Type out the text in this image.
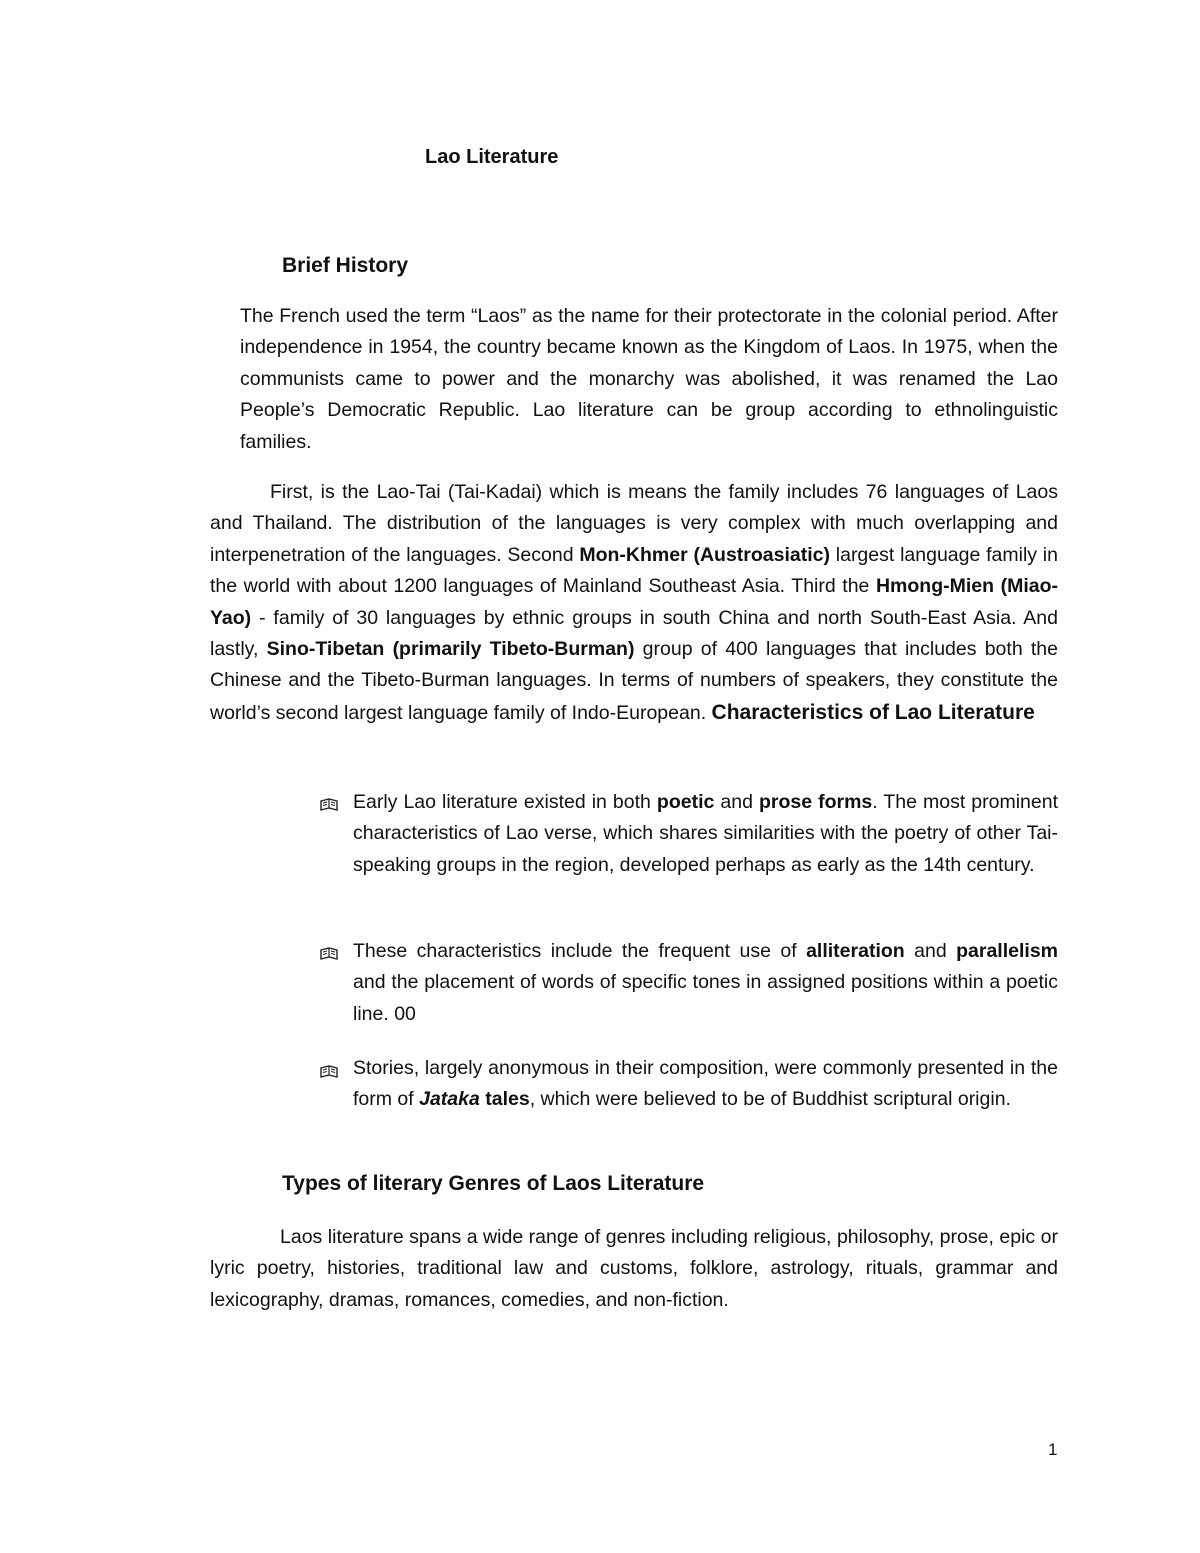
Lao Literature
Brief History

The French used the term “Laos” as the name for their protectorate in the colonial period. After independence in 1954, the country became known as the Kingdom of Laos. In 1975, when the communists came to power and the monarchy was abolished, it was renamed the Lao People’s Democratic Republic. Lao literature can be group according to ethnolinguistic families.

First, is the Lao-Tai (Tai-Kadai) which is means the family includes 76 languages of Laos and Thailand. The distribution of the languages is very complex with much overlapping and interpenetration of the languages. Second Mon-Khmer (Austroasiatic) largest language family in the world with about 1200 languages of Mainland Southeast Asia. Third the Hmong-Mien (Miao- Yao) - family of 30 languages by ethnic groups in south China and north South-East Asia. And lastly, Sino-Tibetan (primarily Tibeto-Burman) group of 400 languages that includes both the Chinese and the Tibeto-Burman languages. In terms of numbers of speakers, they constitute the world’s second largest language family of Indo-European. Characteristics of Lao Literature

Early Lao literature existed in both poetic and prose forms. The most prominent characteristics of Lao verse, which shares similarities with the poetry of other Tai-speaking groups in the region, developed perhaps as early as the 14th century.

These characteristics include the frequent use of alliteration and parallelism and the placement of words of specific tones in assigned positions within a poetic line. 00

Stories, largely anonymous in their composition, were commonly presented in the form of Jataka tales, which were believed to be of Buddhist scriptural origin.

Types of literary Genres of Laos Literature

Laos literature spans a wide range of genres including religious, philosophy, prose, epic or lyric poetry, histories, traditional law and customs, folklore, astrology, rituals, grammar and lexicography, dramas, romances, comedies, and non-fiction.

1
